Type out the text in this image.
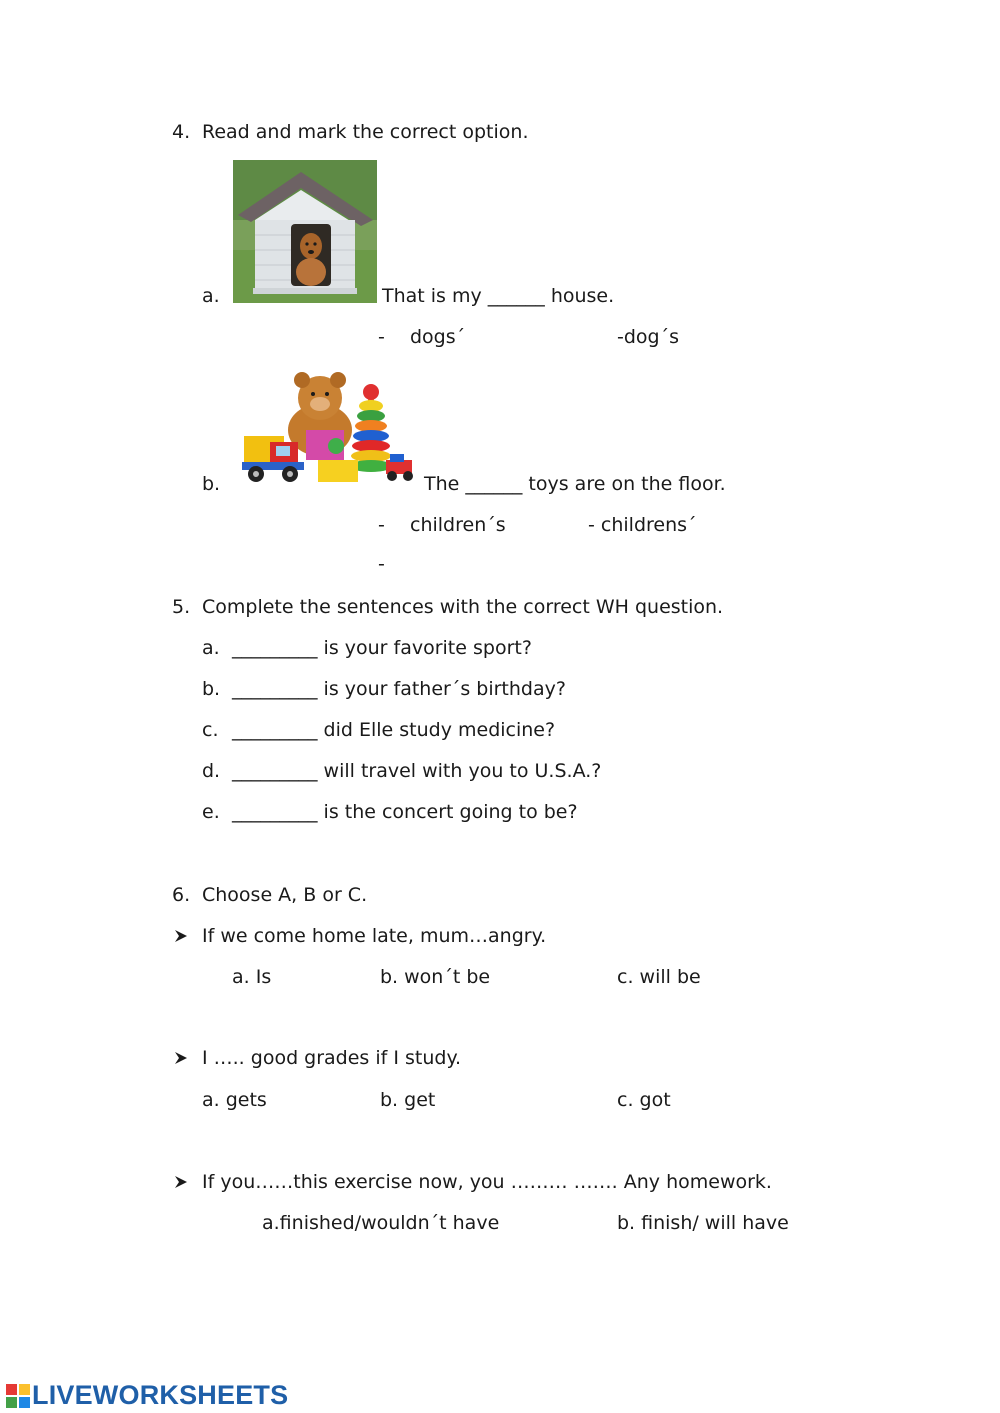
4. Read and mark the correct option.
a.	That is my ______ house.
- dogs´	-dog´s
b.	The ______ toys are on the floor.
- children´s	- childrens´
-
5. Complete the sentences with the correct WH question.
a. _________ is your favorite sport?
b. _________ is your father´s birthday?
c. _________ did Elle study medicine?
d. _________ will travel with you to U.S.A.?
e. _________ is the concert going to be?
6. Choose A, B or C.
If we come home late, mum…angry.
a. Is	b. won´t be	c. will be
I ….. good grades if I study.
a. gets	b. get	c. got
If you……this exercise now, you ……… ……. Any homework.
a.finished/wouldn´t have	b. finish/ will have
LIVEWORKSHEETS
